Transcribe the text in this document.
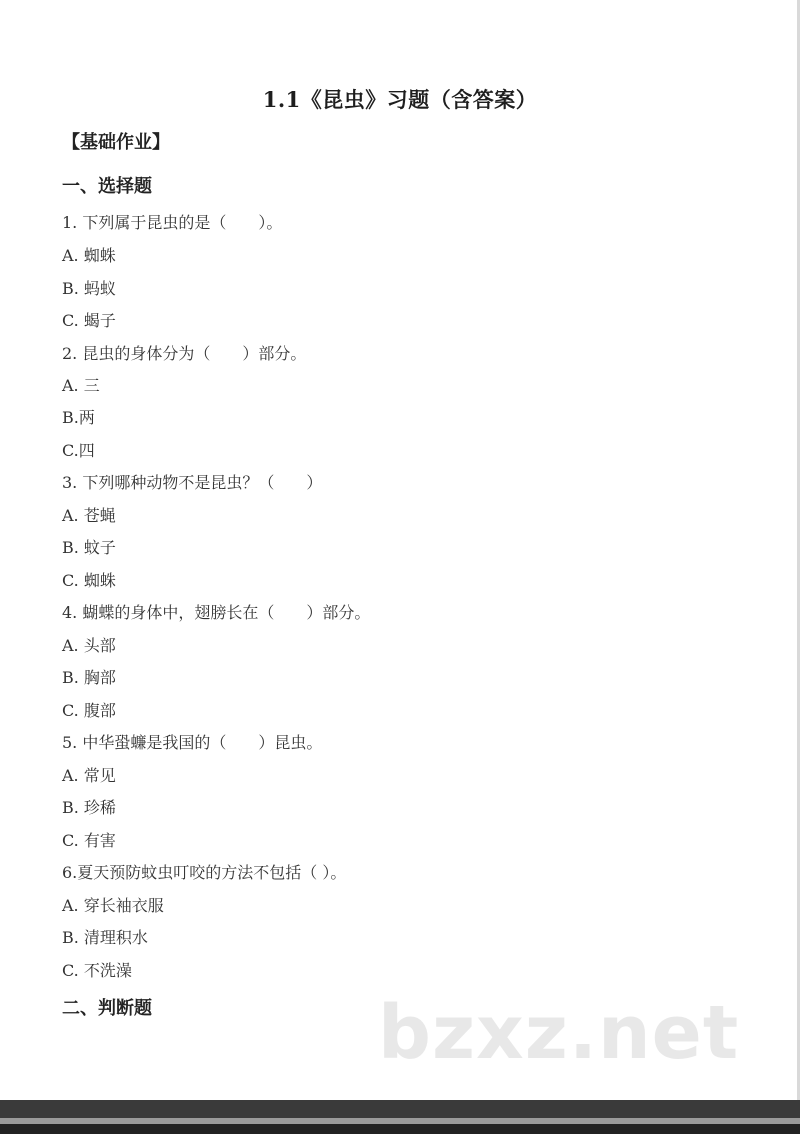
1.1《昆虫》习题（含答案）
【基础作业】
一、选择题
1. 下列属于昆虫的是（　　）。
A. 蜘蛛
B. 蚂蚁
C. 蝎子
2. 昆虫的身体分为（　　）部分。
A. 三
B.两
C.四
3. 下列哪种动物不是昆虫？（　　）
A. 苍蝇
B. 蚊子
C. 蜘蛛
4. 蝴蝶的身体中，翅膀长在（　　）部分。
A. 头部
B. 胸部
C. 腹部
5. 中华蛩蠊是我国的（　　）昆虫。
A. 常见
B. 珍稀
C. 有害
6.夏天预防蚊虫叮咬的方法不包括（ ）。
A. 穿长袖衣服
B. 清理积水
C. 不洗澡
二、判断题	bzxz.net
